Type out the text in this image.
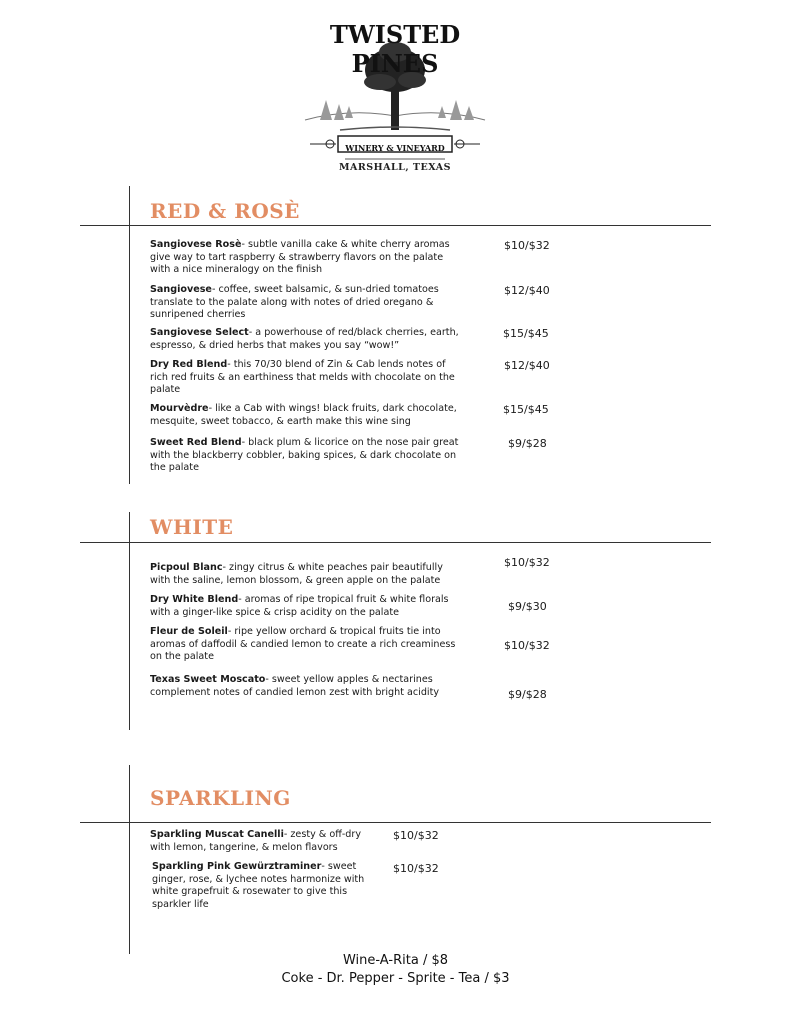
TWISTED PINES
WINERY & VINEYARD
MARSHALL, TEXAS
RED & ROSÈ
Sangiovese Rosè- subtle vanilla cake & white cherry aromas give way to tart raspberry & strawberry flavors on the palate with a nice mineralogy on the finish
$10/$32
Sangiovese- coffee, sweet balsamic, & sun-dried tomatoes translate to the palate along with notes of dried oregano & sunripened cherries
$12/$40
Sangiovese Select- a powerhouse of red/black cherries, earth, espresso, & dried herbs that makes you say “wow!”
$15/$45
Dry Red Blend- this 70/30 blend of Zin & Cab lends notes of rich red fruits & an earthiness that melds with chocolate on the palate
$12/$40
Mourvèdre- like a Cab with wings! black fruits, dark chocolate, mesquite, sweet tobacco, & earth make this wine sing
$15/$45
Sweet Red Blend- black plum & licorice on the nose pair great with the blackberry cobbler, baking spices, & dark chocolate on the palate
$9/$28
WHITE
Picpoul Blanc- zingy citrus & white peaches pair beautifully with the saline, lemon blossom, & green apple on the palate
$10/$32
Dry White Blend- aromas of ripe tropical fruit & white florals with a ginger-like spice & crisp acidity on the palate	$9/$30
Fleur de Soleil- ripe yellow orchard & tropical fruits tie into aromas of daffodil & candied lemon to create a rich creaminess on the palate
$10/$32
Texas Sweet Moscato- sweet yellow apples & nectarines complement notes of candied lemon zest with bright acidity	$9/$28
SPARKLING
Sparkling Muscat Canelli- zesty & off-dry with lemon, tangerine, & melon flavors
$10/$32
Sparkling Pink Gewürztraminer- sweet ginger, rose, & lychee notes harmonize with white grapefruit & rosewater to give this sparkler life
$10/$32
Wine-A-Rita / $8
Coke - Dr. Pepper - Sprite - Tea / $3
